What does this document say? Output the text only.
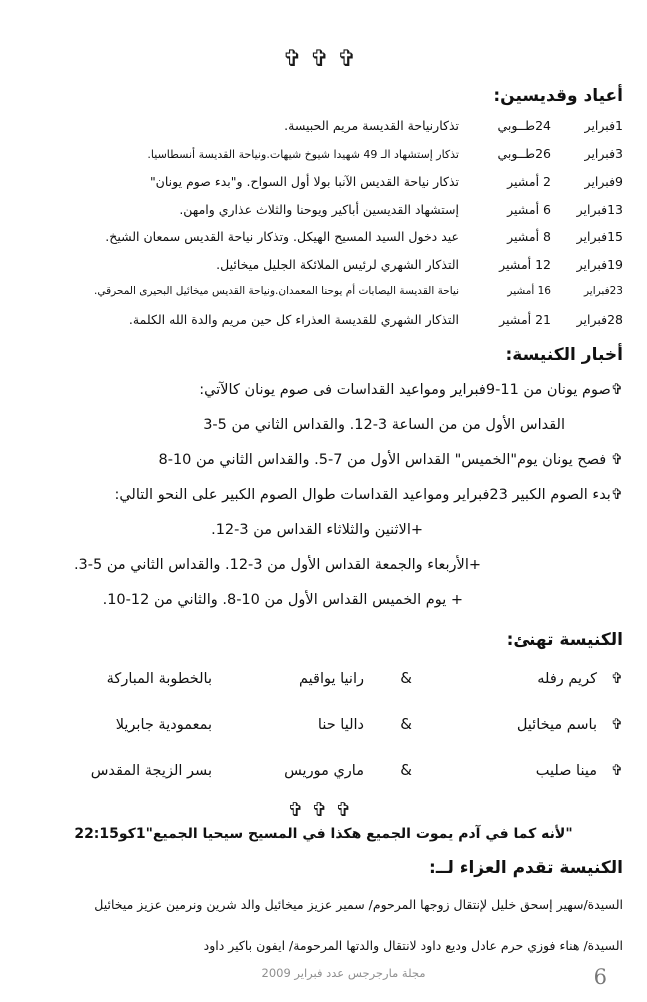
✞✞✞
أعياد وقديسين:
1فبراير
24طــوبي
تذكارنياحة القديسة مريم الحبيسة.
3فبراير
26طــوبي
تذكار إستشهاد الـ 49 شهيدا شيوخ شيهات.ونياحة القديسة أنسطاسيا.
9فبراير
2 أمشير
تذكار نياحة القديس الآنبا بولا أول السواح. و"بدء صوم يونان"
13فبراير
6 أمشير
إستشهاد القديسين أباكير ويوحنا والثلاث عذاري وامهن.
15فبراير
8 أمشير
عيد دخول السيد المسيح الهيكل. وتذكار نياحة القديس سمعان الشيخ.
19فبراير
12 أمشير
التذكار الشهري لرئيس الملائكة الجليل ميخائيل.
23فبراير
16 أمشير
نياحة القديسة اليصابات أم يوحنا المعمدان.ونياحة القديس ميخائيل البحيرى المحرقي.
28فبراير
21 أمشير
التذكار الشهري للقديسة العذراء كل حين مريم والدة الله الكلمة.
أخبار الكنيسة:
✞صوم يونان من 11-9فبراير ومواعيد القداسات فى صوم يونان كالآتي:
القداس الأول من من الساعة 3-12. والقداس الثاني من 5-3
✞ فصح يونان يوم"الخميس" القداس الأول من 7-5. والقداس الثاني من 10-8
✞بدء الصوم الكبير 23فبراير ومواعيد القداسات طوال الصوم الكبير على النحو التالي:
+الاثنين والثلاثاء القداس من 3-12.
+الأربعاء والجمعة القداس الأول من 3-12. والقداس الثاني من 5-3.
+ يوم الخميس القداس الأول من 10-8. والثاني من 12-10.
الكنيسة تهنئ:
✞
كريم رفله
&
رانيا يواقيم
بالخطوبة المباركة
✞
باسم ميخائيل
&
داليا حنا
بمعمودية جابريلا
✞
مينا صليب
&
ماري موريس
بسر الزيجة المقدس
✞✞✞
"لأنه كما في آدم يموت الجميع هكذا في المسيح سيحيا الجميع"1كو22:15
الكنيسة تقدم العزاء لــ:
السيدة/سهير إسحق خليل لإنتقال زوجها المرحوم/ سمير عزيز ميخائيل والد شرين ونرمين عزيز ميخائيل
السيدة/ هناء فوزي حرم عادل وديع داود لانتقال والدتها المرحومة/ ايفون باكير داود
مجلة مارجرجس عدد فبراير 2009	6
